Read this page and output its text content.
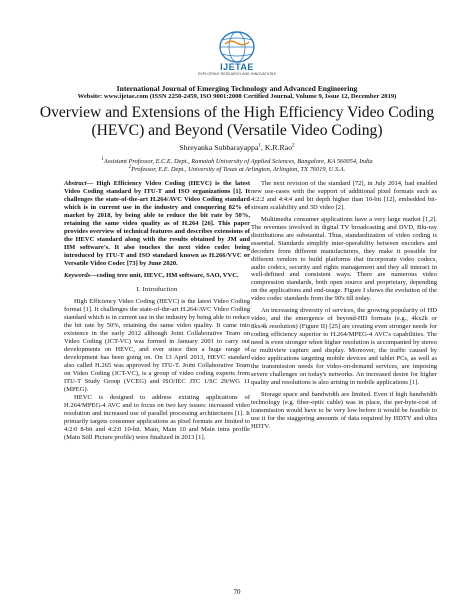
IJETAE
EXPLORING RESEARCH AND INNOVATIONS
International Journal of Emerging Technology and Advanced Engineering
Website: www.ijetae.com (ISSN 2250-2459, ISO 9001:2008 Certified Journal, Volume 9, Issue 12, December 2019)
Overview and Extensions of the High Efficiency Video Coding
(HEVC) and Beyond (Versatile Video Coding)
Shreyanka Subbarayappa$^1$, K.R.Rao$^2$
$^1$Assistant Professor, E.C.E. Dept., Ramaiah University of Applied Sciences, Bangalore, KA 560054, India
$^2$Professor, E.E. Dept., University of Texas at Arlington, Arlington, TX 76019, U.S.A.

Abstract— High Efficiency Video Coding (HEVC) is the latest Video Coding standard by ITU-T and ISO organizations [1]. It challenges the state-of-the-art H.264/AVC Video Coding standard which is in current use in the industry and conquering 82% of market by 2018, by being able to reduce the bit rate by 50%, retaining the same video quality as of H.264 [26]. This paper provides overview of technical features and describes extensions of the HEVC standard along with the results obtained by JM and HM software's. It also touches the next video codec being introduced by ITU-T and ISO standard known as H.266/VVC or Versatile Video Codec [73] by June 2020.

Keywords—coding tree unit, HEVC, HM software, SAO, VVC.

I. Introduction

High Efficiency Video Coding (HEVC) is the latest Video Coding format [1]. It challenges the state-of-the-art H.264/AVC Video Coding standard which is in current use in the industry by being able to reduce the bit rate by 50%, retaining the same video quality. It came into existence in the early 2012 although Joint Collaborative Team on Video Coding (JCT-VC) was formed in January 2001 to carry out developments on HEVC, and ever since then a huge range of development has been going on. On 13 April 2013, HEVC standard also called H.265 was approved by ITU-T. Joint Collaborative Team on Video Coding (JCT-VC), is a group of video coding experts from ITU-T Study Group (VCEG) and ISO/IEC JTC 1/SC 29/WG 11 (MPEG).

HEVC is designed to address existing applications of H.264/MPEG-4 AVC and to focus on two key issues: increased video resolution and increased use of parallel processing architectures [1]. It primarily targets consumer applications as pixel formats are limited to 4:2:0 8-bit and 4:2:0 10-bit. Main, Main 10 and Main intra profile (Main Still Picture profile) were finalized in 2013 [1].

The next revision of the standard [72], in July 2014, had enabled new use-cases with the support of additional pixel formats such as 4:2:2 and 4:4:4 and bit depth higher than 10-bit [12], embedded bit-stream scalability and 3D video [2].

Multimedia consumer applications have a very large market [1,2]. The revenues involved in digital TV broadcasting and DVD, Blu-ray distributions are substantial. Thus, standardization of video coding is essential. Standards simplify inter-operability between encoders and decoders from different manufacturers, they make it possible for different vendors to build platforms that incorporate video codecs, audio codecs, security and rights management and they all interact in well-defined and consistent ways. There are numerous video compression standards, both open source and proprietary, depending on the applications and end-usage. Figure I shows the evolution of the video codec standards from the 90's till today.

An increasing diversity of services, the growing popularity of HD video, and the emergence of beyond-HD formats (e.g., 4kx2k or 8kx4k resolution) (Figure II) [25] are creating even stronger needs for coding efficiency superior to H.264/MPEG-4 AVC's capabilities. The need is even stronger when higher resolution is accompanied by stereo or multiview capture and display. Moreover, the traffic caused by video applications targeting mobile devices and tablet PCs, as well as the transmission needs for video-on-demand services, are imposing severe challenges on today's networks. An increased desire for higher quality and resolutions is also arising in mobile applications [1].

Storage space and bandwidth are limited. Even if high bandwidth technology (e.g. fiber-optic cable) was in place, the per-byte-cost of transmission would have to be very low before it would be feasible to use it for the staggering amounts of data required by HDTV and ultra HDTV.

70
